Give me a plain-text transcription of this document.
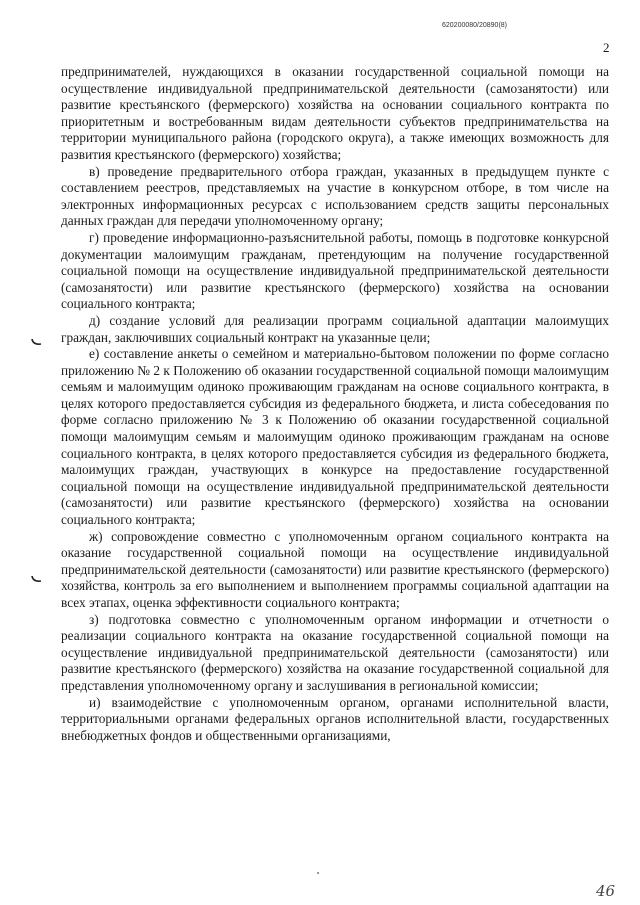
620200080/20890(8)
2

предпринимателей, нуждающихся в оказании государственной социальной помощи на осуществление индивидуальной предпринимательской деятельности (самозанятости) или развитие крестьянского (фермерского) хозяйства на основании социального контракта по приоритетным и востребованным видам деятельности субъектов предпринимательства на территории муниципального района (городского округа), а также имеющих возможность для развития крестьянского (фермерского) хозяйства;

в) проведение предварительного отбора граждан, указанных в предыдущем пункте с составлением реестров, представляемых на участие в конкурсном отборе, в том числе на электронных информационных ресурсах с использованием средств защиты персональных данных граждан для передачи уполномоченному органу;

г) проведение информационно-разъяснительной работы, помощь в подготовке конкурсной документации малоимущим гражданам, претендующим на получение государственной социальной помощи на осуществление индивидуальной предпринимательской деятельности (самозанятости) или развитие крестьянского (фермерского) хозяйства на основании социального контракта;

д) создание условий для реализации программ социальной адаптации малоимущих граждан, заключивших социальный контракт на указанные цели;

е) составление анкеты о семейном и материально-бытовом положении по форме согласно приложению № 2 к Положению об оказании государственной социальной помощи малоимущим семьям и малоимущим одиноко проживающим гражданам на основе социального контракта, в целях которого предоставляется субсидия из федерального бюджета, и листа собеседования по форме согласно приложению № 3 к Положению об оказании государственной социальной помощи малоимущим семьям и малоимущим одиноко проживающим гражданам на основе социального контракта, в целях которого предоставляется субсидия из федерального бюджета, малоимущих граждан, участвующих в конкурсе на предоставление государственной социальной помощи на осуществление индивидуальной предпринимательской деятельности (самозанятости) или развитие крестьянского (фермерского) хозяйства на основании социального контракта;

ж) сопровождение совместно с уполномоченным органом социального контракта на оказание государственной социальной помощи на осуществление индивидуальной предпринимательской деятельности (самозанятости) или развитие крестьянского (фермерского) хозяйства, контроль за его выполнением и выполнением программы социальной адаптации на всех этапах, оценка эффективности социального контракта;

з) подготовка совместно с уполномоченным органом информации и отчетности о реализации социального контракта на оказание государственной социальной помощи на осуществление индивидуальной предпринимательской деятельности (самозанятости) или развитие крестьянского (фермерского) хозяйства на оказание государственной социальной для представления уполномоченному органу и заслушивания в региональной комиссии;

и) взаимодействие с уполномоченным органом, органами исполнительной власти, территориальными органами федеральных органов исполнительной власти, государственных внебюджетных фондов и общественными организациями,

46
